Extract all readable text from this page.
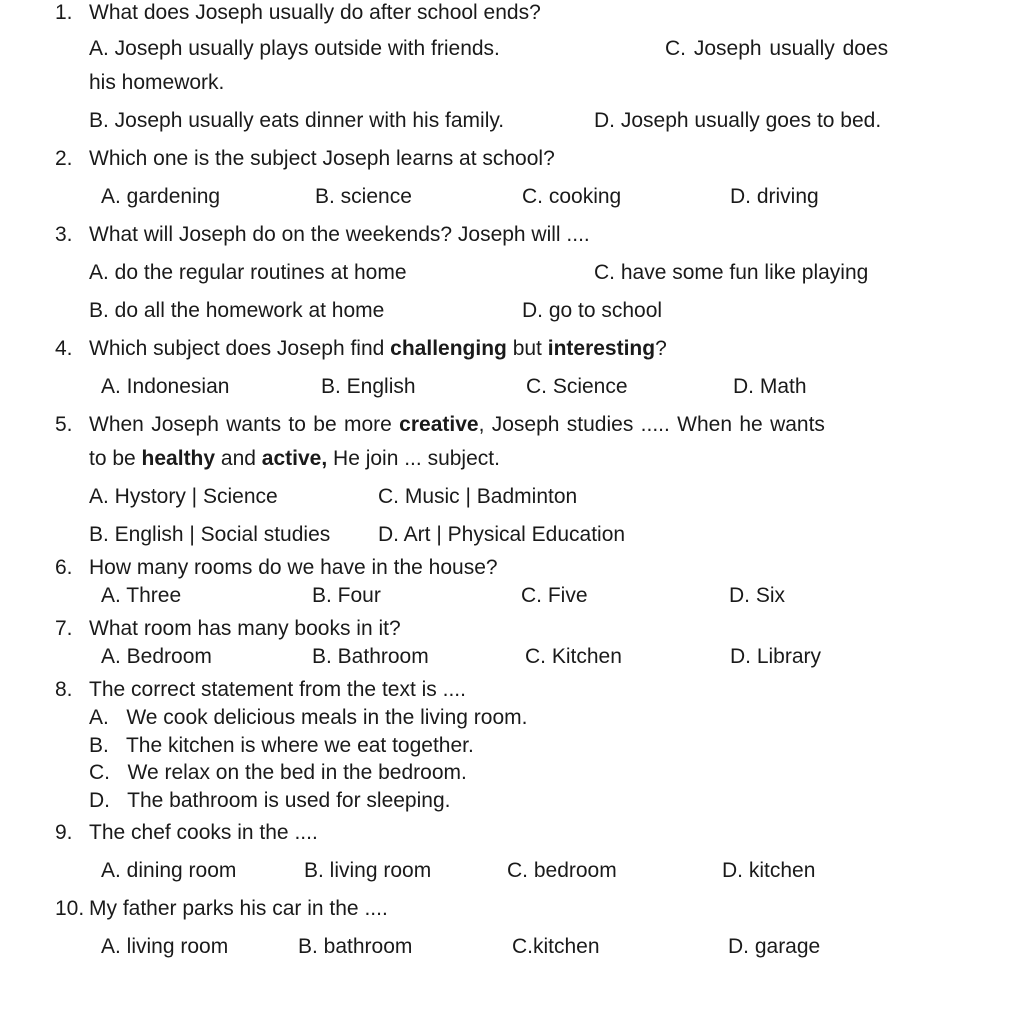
1. What does Joseph usually do after school ends?
A. Joseph usually plays outside with friends.	C. Joseph usually does
his homework.
B. Joseph usually eats dinner with his family.	D. Joseph usually goes to bed.
2. Which one is the subject Joseph learns at school?
A. gardening	B. science	C. cooking	D. driving
3. What will Joseph do on the weekends? Joseph will ....
A. do the regular routines at home	C. have some fun like playing
B. do all the homework at home	D. go to school
4. Which subject does Joseph find challenging but interesting?
A. Indonesian	B. English	C. Science	D. Math
5. When Joseph wants to be more creative, Joseph studies ..... When he wants
to be healthy and active, He join ... subject.
A. Hystory | Science	C. Music | Badminton
B. English | Social studies D. Art | Physical Education
6. How many rooms do we have in the house?
A. Three	B. Four	C. Five	D. Six
7. What room has many books in it?
A. Bedroom	B. Bathroom	C. Kitchen	D. Library
8. The correct statement from the text is ....
A.   We cook delicious meals in the living room.
B.   The kitchen is where we eat together.
C.   We relax on the bed in the bedroom.
D.   The bathroom is used for sleeping.
9. The chef cooks in the ....
A. dining room	B. living room	C. bedroom	D. kitchen
10. My father parks his car in the ....
A. living room	B. bathroom	C.kitchen	D. garage
